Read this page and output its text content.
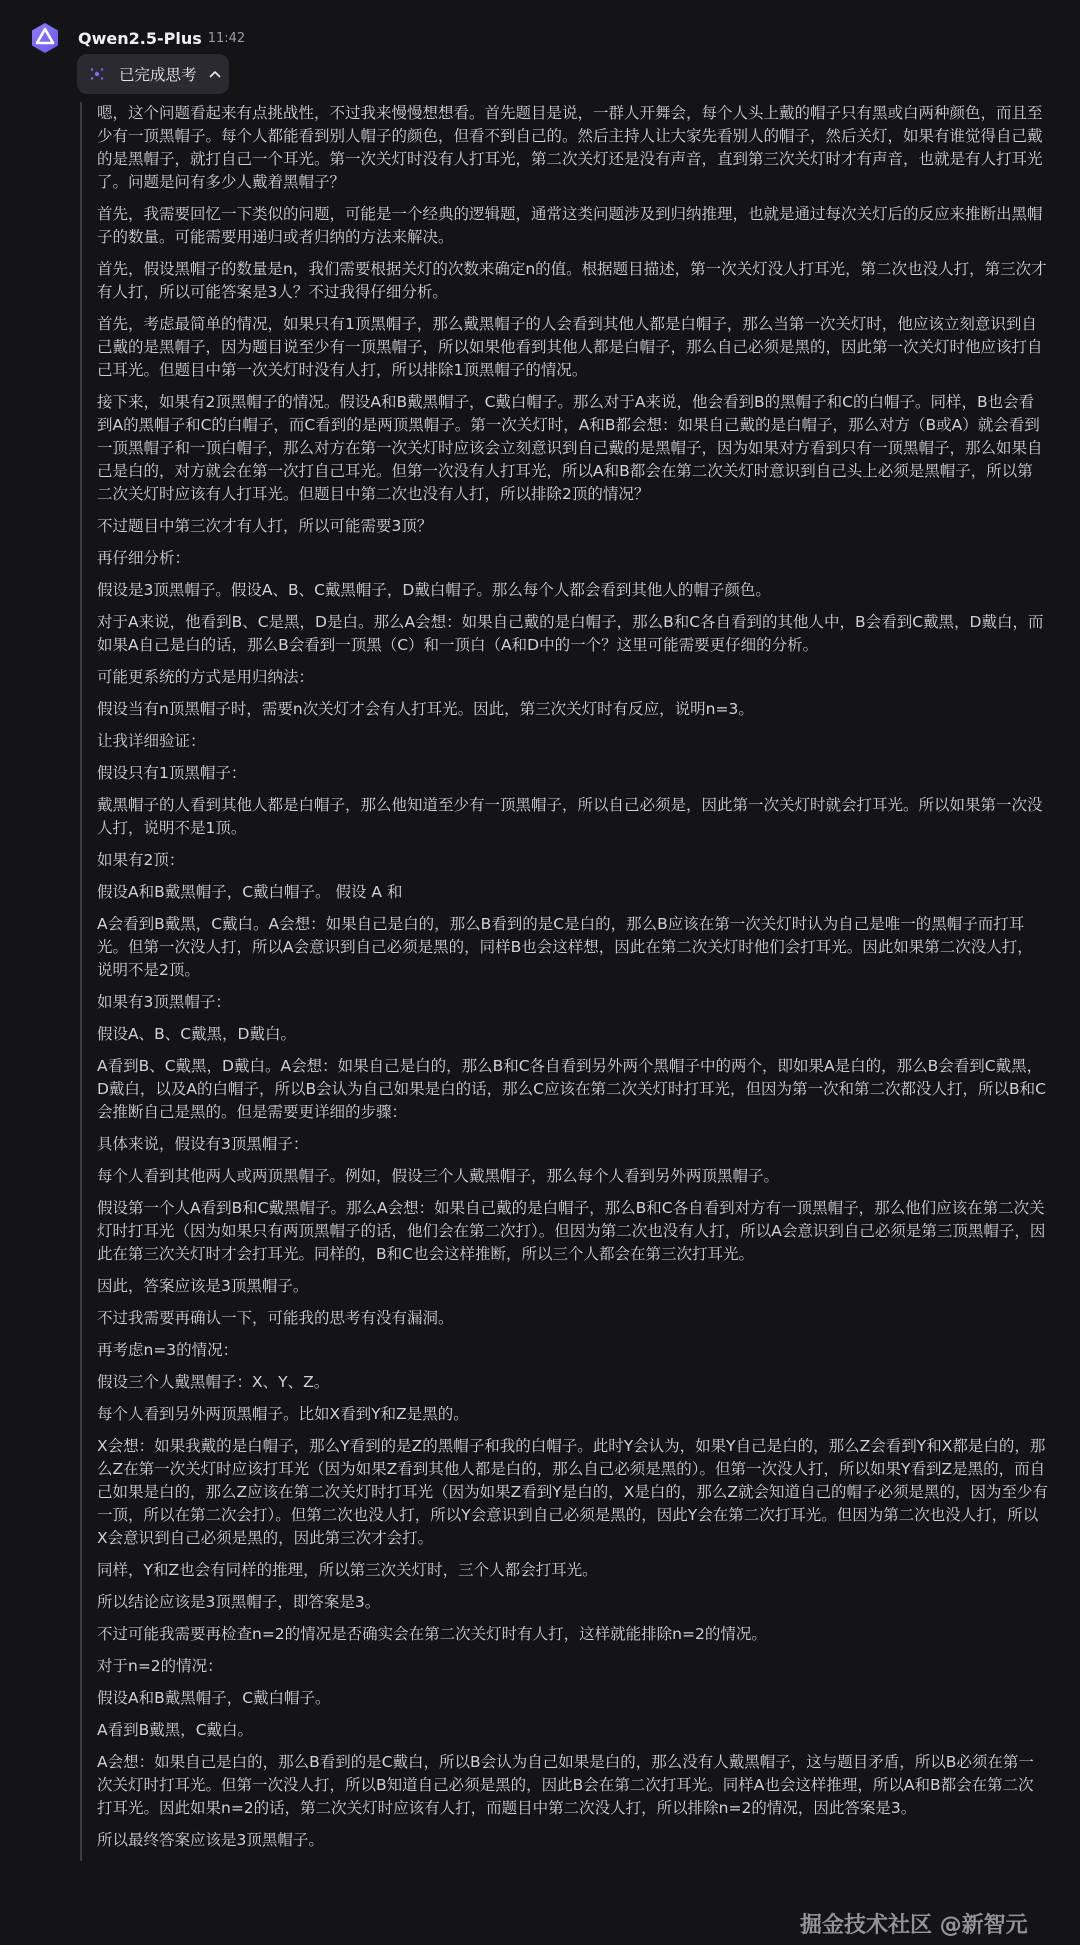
Qwen2.5-Plus 11:42
已完成思考

嗯，这个问题看起来有点挑战性，不过我来慢慢想想看。首先题目是说，一群人开舞会，每个人头上戴的帽子只有黑或白两种颜色，而且至少有一顶黑帽子。每个人都能看到别人帽子的颜色，但看不到自己的。然后主持人让大家先看别人的帽子，然后关灯，如果有谁觉得自己戴的是黑帽子，就打自己一个耳光。第一次关灯时没有人打耳光，第二次关灯还是没有声音，直到第三次关灯时才有声音，也就是有人打耳光了。问题是问有多少人戴着黑帽子？

首先，我需要回忆一下类似的问题，可能是一个经典的逻辑题，通常这类问题涉及到归纳推理，也就是通过每次关灯后的反应来推断出黑帽子的数量。可能需要用递归或者归纳的方法来解决。

首先，假设黑帽子的数量是n，我们需要根据关灯的次数来确定n的值。根据题目描述，第一次关灯没人打耳光，第二次也没人打，第三次才有人打，所以可能答案是3人？不过我得仔细分析。

首先，考虑最简单的情况，如果只有1顶黑帽子，那么戴黑帽子的人会看到其他人都是白帽子，那么当第一次关灯时，他应该立刻意识到自己戴的是黑帽子，因为题目说至少有一顶黑帽子，所以如果他看到其他人都是白帽子，那么自己必须是黑的，因此第一次关灯时他应该打自己耳光。但题目中第一次关灯时没有人打，所以排除1顶黑帽子的情况。

接下来，如果有2顶黑帽子的情况。假设A和B戴黑帽子，C戴白帽子。那么对于A来说，他会看到B的黑帽子和C的白帽子。同样，B也会看到A的黑帽子和C的白帽子，而C看到的是两顶黑帽子。第一次关灯时，A和B都会想：如果自己戴的是白帽子，那么对方（B或A）就会看到一顶黑帽子和一顶白帽子，那么对方在第一次关灯时应该会立刻意识到自己戴的是黑帽子，因为如果对方看到只有一顶黑帽子，那么如果自己是白的，对方就会在第一次打自己耳光。但第一次没有人打耳光，所以A和B都会在第二次关灯时意识到自己头上必须是黑帽子，所以第二次关灯时应该有人打耳光。但题目中第二次也没有人打，所以排除2顶的情况？

不过题目中第三次才有人打，所以可能需要3顶？

再仔细分析：

假设是3顶黑帽子。假设A、B、C戴黑帽子，D戴白帽子。那么每个人都会看到其他人的帽子颜色。

对于A来说，他看到B、C是黑，D是白。那么A会想：如果自己戴的是白帽子，那么B和C各自看到的其他人中，B会看到C戴黑，D戴白，而如果A自己是白的话，那么B会看到一顶黑（C）和一顶白（A和D中的一个？这里可能需要更仔细的分析。

可能更系统的方式是用归纳法：

假设当有n顶黑帽子时，需要n次关灯才会有人打耳光。因此，第三次关灯时有反应，说明n=3。

让我详细验证：

假设只有1顶黑帽子：

戴黑帽子的人看到其他人都是白帽子，那么他知道至少有一顶黑帽子，所以自己必须是，因此第一次关灯时就会打耳光。所以如果第一次没人打，说明不是1顶。

如果有2顶：

假设A和B戴黑帽子，C戴白帽子。 假设 A 和

A会看到B戴黑，C戴白。A会想：如果自己是白的，那么B看到的是C是白的，那么B应该在第一次关灯时认为自己是唯一的黑帽子而打耳光。但第一次没人打，所以A会意识到自己必须是黑的，同样B也会这样想，因此在第二次关灯时他们会打耳光。因此如果第二次没人打，说明不是2顶。

如果有3顶黑帽子：

假设A、B、C戴黑，D戴白。

A看到B、C戴黑，D戴白。A会想：如果自己是白的，那么B和C各自看到另外两个黑帽子中的两个，即如果A是白的，那么B会看到C戴黑，D戴白，以及A的白帽子，所以B会认为自己如果是白的话，那么C应该在第二次关灯时打耳光，但因为第一次和第二次都没人打，所以B和C会推断自己是黑的。但是需要更详细的步骤：

具体来说，假设有3顶黑帽子：

每个人看到其他两人或两顶黑帽子。例如，假设三个人戴黑帽子，那么每个人看到另外两顶黑帽子。

假设第一个人A看到B和C戴黑帽子。那么A会想：如果自己戴的是白帽子，那么B和C各自看到对方有一顶黑帽子，那么他们应该在第二次关灯时打耳光（因为如果只有两顶黑帽子的话，他们会在第二次打）。但因为第二次也没有人打，所以A会意识到自己必须是第三顶黑帽子，因此在第三次关灯时才会打耳光。同样的，B和C也会这样推断，所以三个人都会在第三次打耳光。

因此，答案应该是3顶黑帽子。

不过我需要再确认一下，可能我的思考有没有漏洞。

再考虑n=3的情况：

假设三个人戴黑帽子：X、Y、Z。

每个人看到另外两顶黑帽子。比如X看到Y和Z是黑的。

X会想：如果我戴的是白帽子，那么Y看到的是Z的黑帽子和我的白帽子。此时Y会认为，如果Y自己是白的，那么Z会看到Y和X都是白的，那么Z在第一次关灯时应该打耳光（因为如果Z看到其他人都是白的，那么自己必须是黑的）。但第一次没人打，所以如果Y看到Z是黑的，而自己如果是白的，那么Z应该在第二次关灯时打耳光（因为如果Z看到Y是白的，X是白的，那么Z就会知道自己的帽子必须是黑的，因为至少有一顶，所以在第二次会打）。但第二次也没人打，所以Y会意识到自己必须是黑的，因此Y会在第二次打耳光。但因为第二次也没人打，所以X会意识到自己必须是黑的，因此第三次才会打。

同样，Y和Z也会有同样的推理，所以第三次关灯时，三个人都会打耳光。

所以结论应该是3顶黑帽子，即答案是3。

不过可能我需要再检查n=2的情况是否确实会在第二次关灯时有人打，这样就能排除n=2的情况。

对于n=2的情况：

假设A和B戴黑帽子，C戴白帽子。

A看到B戴黑，C戴白。

A会想：如果自己是白的，那么B看到的是C戴白，所以B会认为自己如果是白的，那么没有人戴黑帽子，这与题目矛盾，所以B必须在第一次关灯时打耳光。但第一次没人打，所以B知道自己必须是黑的，因此B会在第二次打耳光。同样A也会这样推理，所以A和B都会在第二次打耳光。因此如果n=2的话，第二次关灯时应该有人打，而题目中第二次没人打，所以排除n=2的情况，因此答案是3。

所以最终答案应该是3顶黑帽子。

掘金技术社区 @新智元
